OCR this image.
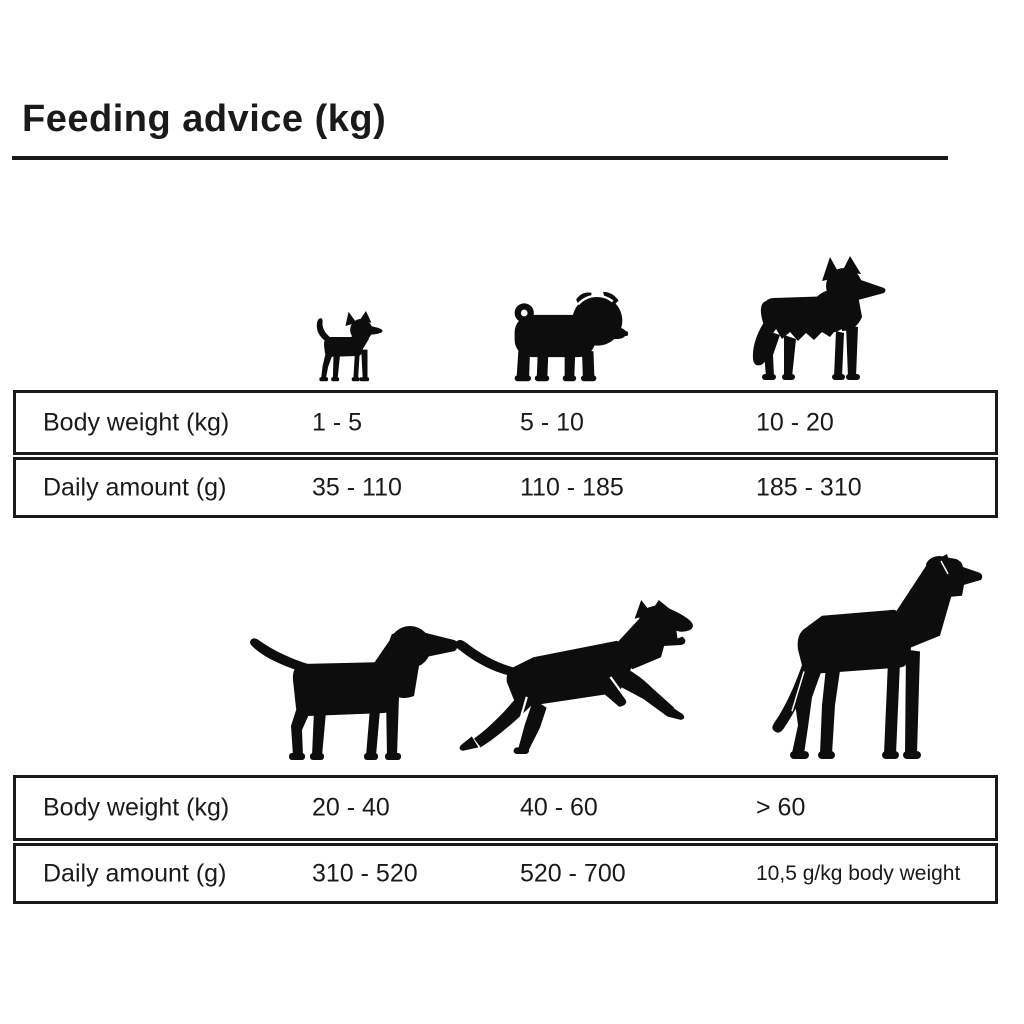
Feeding advice (kg)
Body weight (kg)	1 - 5	5 - 10	10 - 20
Daily amount (g)	35 - 110	110 - 185	185 - 310
Body weight (kg)	20 - 40	40 - 60	> 60
Daily amount (g)	310 - 520	520 - 700	10,5 g/kg body weight
